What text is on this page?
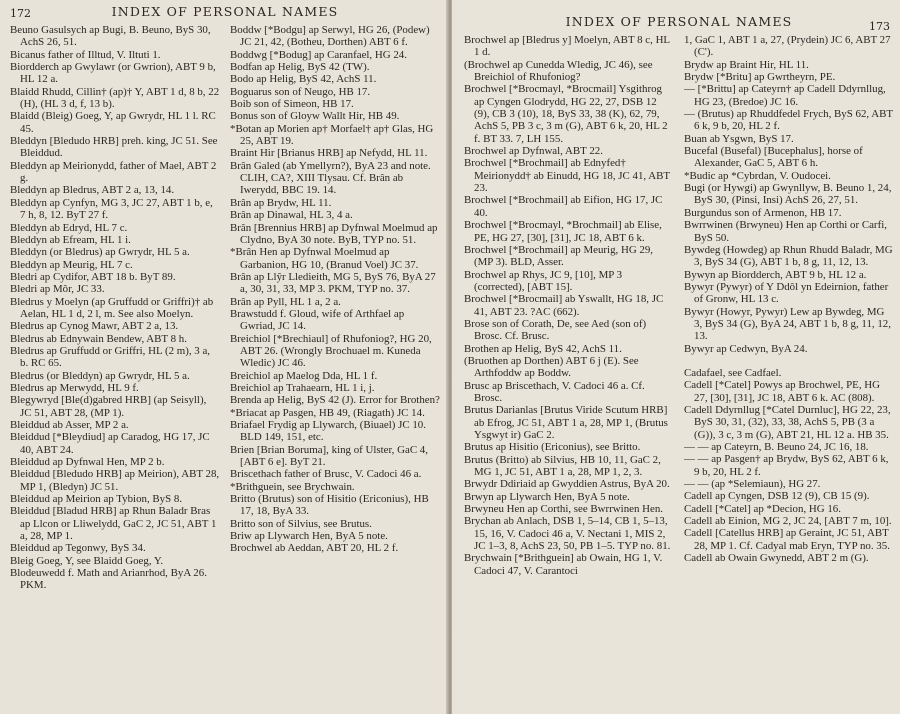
172	INDEX OF PERSONAL NAMES

Beuno Gasulsych ap Bugi, B. Beuno, ByS 30, AchS 26, 51.

Bicanus father of Illtud, V. Iltuti 1.

Biordderch ap Gwylawr (or Gwrion), ABT 9 b, HL 12 a.

Blaidd Rhudd, Cillin† (ap)† Y, ABT 1 d, 8 b, 22 (H), (HL 3 d, f, 13 b).

Blaidd (Bleig) Goeg, Y, ap Gwrydr, HL 1 l. RC 45.

Bleddyn [Bledudo HRB] preh. king, JC 51. See Bleiddud.

Bleddyn ap Meirionydd, father of Mael, ABT 2 g.

Bleddyn ap Bledrus, ABT 2 a, 13, 14.

Bleddyn ap Cynfyn, MG 3, JC 27, ABT 1 b, e, 7 h, 8, 12. ByT 27 f.

Bleddyn ab Edryd, HL 7 c.

Bleddyn ab Efream, HL 1 i.

Bleddyn (or Bledrus) ap Gwrydr, HL 5 a.

Bleddyn ap Meurig, HL 7 c.

Bledri ap Cydifor, ABT 18 b. ByT 89.

Bledri ap Môr, JC 33.

Bledrus y Moelyn (ap Gruffudd or Griffri)† ab Aelan, HL 1 d, 2 l, m. See also Moelyn.

Bledrus ap Cynog Mawr, ABT 2 a, 13.

Bledrus ab Ednywain Bendew, ABT 8 h.

Bledrus ap Gruffudd or Griffri, HL (2 m), 3 a, b. RC 65.

Bledrus (or Bleddyn) ap Gwrydr, HL 5 a.

Bledrus ap Merwydd, HL 9 f.

Blegywryd [Ble(d)gabred HRB] (ap Seisyll), JC 51, ABT 28, (MP 1).

Bleiddud ab Asser, MP 2 a.

Bleiddud [*Bleydiud] ap Caradog, HG 17, JC 40, ABT 24.

Bleiddud ap Dyfnwal Hen, MP 2 b.

Bleiddud [Bledudo HRB] ap Meirion), ABT 28, MP 1, (Bledyn) JC 51.

Bleiddud ap Meirion ap Tybion, ByS 8.

Bleiddud [Bladud HRB] ap Rhun Baladr Bras ap Llcon or Lliwelydd, GaC 2, JC 51, ABT 1 a, 28, MP 1.

Bleiddud ap Tegonwy, ByS 34.

Bleig Goeg, Y, see Blaidd Goeg, Y.

Blodeuwedd f. Math and Arianrhod, ByA 26. PKM.

Boddw [*Bodgu] ap Serwyl, HG 26, (Podew) JC 21, 42, (Botheu, Dorthen) ABT 6 f.

Boddwg [*Bodug] ap Caranfael, HG 24.

Bodfan ap Helig, ByS 42 (TW).

Bodo ap Helig, ByS 42, AchS 11.

Boguarus son of Neugo, HB 17.

Boib son of Simeon, HB 17.

Bonus son of Gloyw Wallt Hir, HB 49.

*Botan ap Morien ap† Morfael† ap† Glas, HG 25, ABT 19.

Braint Hir [Brianus HRB] ap Nefydd, HL 11.

Brân Galed (ab Ymellyrn?), ByA 23 and note. CLIH, CA?, XIII Tlysau. Cf. Brân ab Iwerydd, BBC 19. 14.

Brân ap Brydw, HL 11.

Brân ap Dinawal, HL 3, 4 a.

Brân [Brennius HRB] ap Dyfnwal Moelmud ap Clydno, ByA 30 note. ByB, TYP no. 51.

*Brân Hen ap Dyfnwal Moelmud ap Garbanion, HG 10, (Branud Voel) JC 37.

Brân ap Llŷr Lledieith, MG 5, ByS 76, ByA 27 a, 30, 31, 33, MP 3. PKM, TYP no. 37.

Brân ap Pyll, HL 1 a, 2 a.

Brawstudd f. Gloud, wife of Arthfael ap Gwriad, JC 14.

Breichiol [*Brechiaul] of Rhufoniog?, HG 20, ABT 26. (Wrongly Brochuael m. Kuneda Wledic) JC 46.

Breichiol ap Maelog Dda, HL 1 f.

Breichiol ap Trahaearn, HL 1 i, j.

Brenda ap Helig, ByS 42 (J). Error for Brothen?

*Briacat ap Pasgen, HB 49, (Riagath) JC 14.

Briafael Frydig ap Llywarch, (Biuael) JC 10. BLD 149, 151, etc.

Brien [Brian Boruma], king of Ulster, GaC 4, [ABT 6 e]. ByT 21.

Briscethach father of Brusc, V. Cadoci 46 a.

*Brithguein, see Brychwain.

Britto (Brutus) son of Hisitio (Ericonius), HB 17, 18, ByA 33.

Britto son of Silvius, see Brutus.

Briw ap Llywarch Hen, ByA 5 note.

Brochwel ab Aeddan, ABT 20, HL 2 f.

INDEX OF PERSONAL NAMES	173

Brochwel ap [Bledrus y] Moelyn, ABT 8 c, HL 1 d.

(Brochwel ap Cunedda Wledig, JC 46), see Breichiol of Rhufoniog?

Brochwel [*Brocmayl, *Brocmail] Ysgithrog ap Cyngen Glodrydd, HG 22, 27, DSB 12 (9), CB 3 (10), 18, ByS 33, 38 (K), 62, 79, AchS 5, PB 3 c, 3 m (G), ABT 6 k, 20, HL 2 f. BT 33. 7, LH 155.

Brochwel ap Dyfnwal, ABT 22.

Brochwel [*Brochmail] ab Ednyfed† Meirionydd† ab Einudd, HG 18, JC 41, ABT 23.

Brochwel [*Brochmail] ab Eifion, HG 17, JC 40.

Brochwel [*Brocmayl, *Brochmail] ab Elise, PE, HG 27, [30], [31], JC 18, ABT 6 k.

Brochwel [*Brochmail] ap Meurig, HG 29, (MP 3). BLD, Asser.

Brochwel ap Rhys, JC 9, [10], MP 3 (corrected), [ABT 15].

Brochwel [*Brocmail] ab Yswallt, HG 18, JC 41, ABT 23. ?AC (662).

Brose son of Corath, De, see Aed (son of) Brosc. Cf. Brusc.

Brothen ap Helig, ByS 42, AchS 11.

(Bruothen ap Dorthen) ABT 6 j (E). See Arthfoddw ap Boddw.

Brusc ap Briscethach, V. Cadoci 46 a. Cf. Brosc.

Brutus Darianlas [Brutus Viride Scutum HRB] ab Efrog, JC 51, ABT 1 a, 28, MP 1, (Brutus Ysgwyt ir) GaC 2.

Brutus ap Hisitio (Ericonius), see Britto.

Brutus (Britto) ab Silvius, HB 10, 11, GaC 2, MG 1, JC 51, ABT 1 a, 28, MP 1, 2, 3.

Brwydr Ddiriaid ap Gwyddien Astrus, ByA 20.

Brwyn ap Llywarch Hen, ByA 5 note.

Brwyneu Hen ap Corthi, see Bwrrwinen Hen.

Brychan ab Anlach, DSB 1, 5–14, CB 1, 5–13, 15, 16, V. Cadoci 46 a, V. Nectani 1, MIS 2, JC 1–3, 8, AchS 23, 50, PB 1–5. TYP no. 81.

Brychwain [*Brithguein] ab Owain, HG 1, V. Cadoci 47, V. Carantoci

1, GaC 1, ABT 1 a, 27, (Prydein) JC 6, ABT 27 (C').

Brydw ap Braint Hir, HL 11.

Brydw [*Britu] ap Gwrtheyrn, PE.

— [*Brittu] ap Cateyrn† ap Cadell Ddyrnllug, HG 23, (Bredoe) JC 16.

— (Brutus) ap Rhuddfedel Frych, ByS 62, ABT 6 k, 9 b, 20, HL 2 f.

Buan ab Ysgwn, ByS 17.

Bucefal (Busefal) [Bucephalus], horse of Alexander, GaC 5, ABT 6 h.

*Budic ap *Cybrdan, V. Oudocei.

Bugi (or Hywgi) ap Gwynllyw, B. Beuno 1, 24, ByS 30, (Pinsi, Insi) AchS 26, 27, 51.

Burgundus son of Armenon, HB 17.

Bwrrwinen (Brwyneu) Hen ap Corthi or Carfi, ByS 50.

Bywdeg (Howdeg) ap Rhun Rhudd Baladr, MG 3, ByS 34 (G), ABT 1 b, 8 g, 11, 12, 13.

Bywyn ap Biordderch, ABT 9 b, HL 12 a.

Bywyr (Pywyr) of Y Ddôl yn Edeirnion, father of Gronw, HL 13 c.

Bywyr (Howyr, Pywyr) Lew ap Bywdeg, MG 3, ByS 34 (G), ByA 24, ABT 1 b, 8 g, 11, 12, 13.

Bywyr ap Cedwyn, ByA 24.

Cadafael, see Cadfael.

Cadell [*Catel] Powys ap Brochwel, PE, HG 27, [30], [31], JC 18, ABT 6 k. AC (808).

Cadell Ddyrnllug [*Catel Durnluc], HG 22, 23, ByS 30, 31, (32), 33, 38, AchS 5, PB (3 a (G)), 3 c, 3 m (G), ABT 21, HL 12 a. HB 35.

— — ap Cateyrn, B. Beuno 24, JC 16, 18.

— — ap Pasgen† ap Brydw, ByS 62, ABT 6 k, 9 b, 20, HL 2 f.

— — (ap *Selemiaun), HG 27.

Cadell ap Cyngen, DSB 12 (9), CB 15 (9).

Cadell [*Catel] ap *Decion, HG 16.

Cadell ab Einion, MG 2, JC 24, [ABT 7 m, 10].

Cadell [Catellus HRB] ap Geraint, JC 51, ABT 28, MP 1. Cf. Cadyal mab Eryn, TYP no. 35.

Cadell ab Owain Gwynedd, ABT 2 m (G).
